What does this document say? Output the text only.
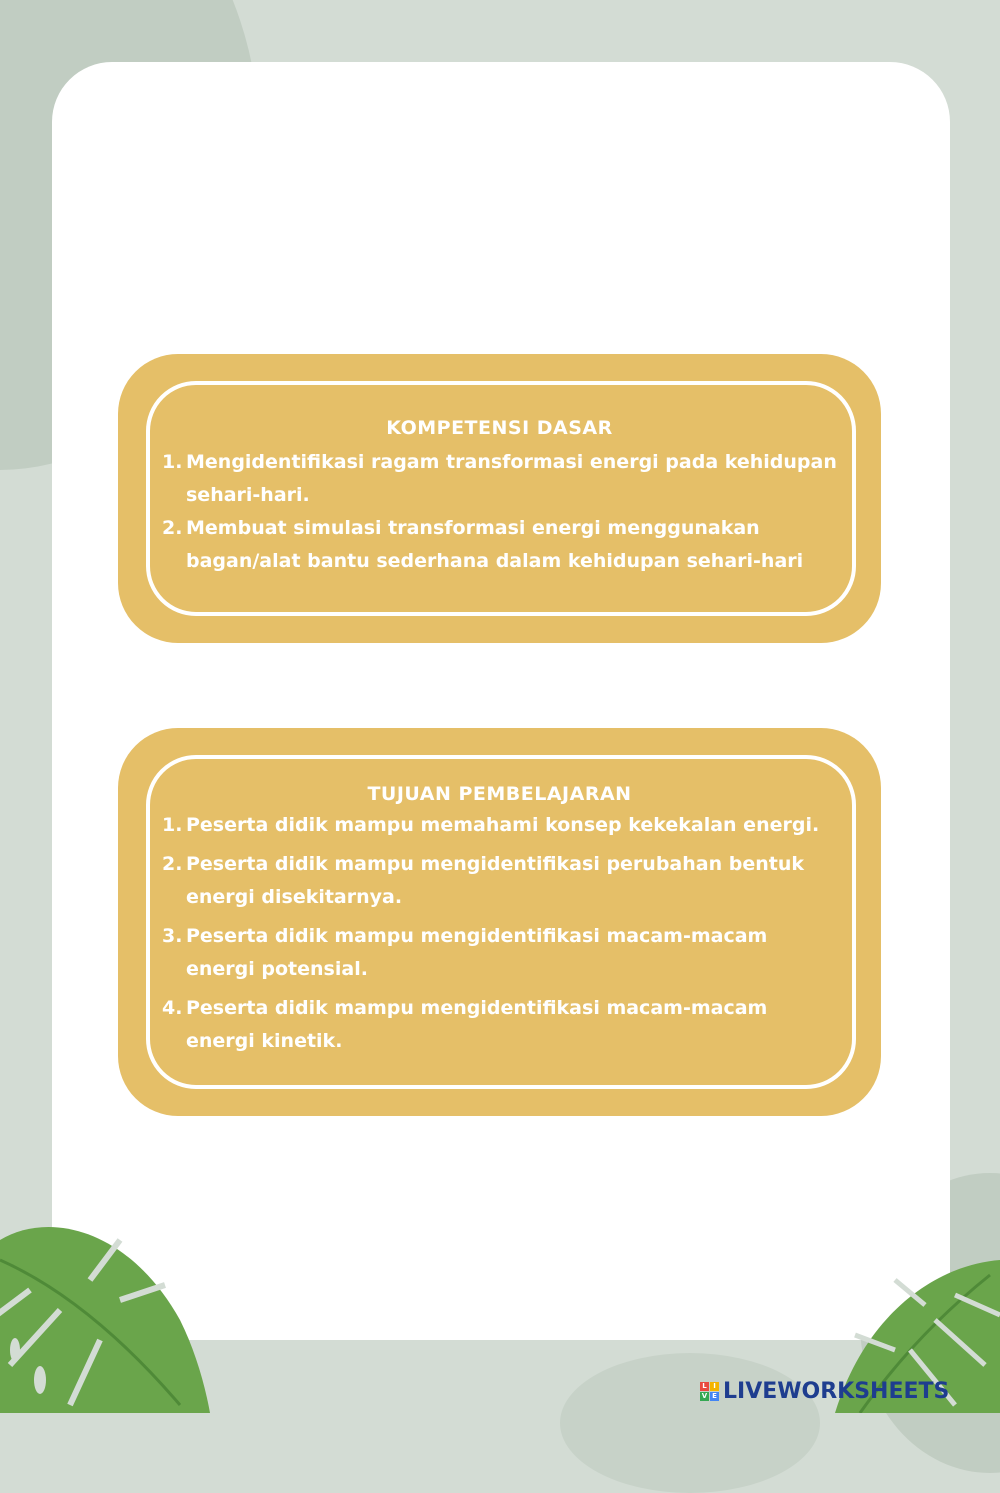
KOMPETENSI DASAR
1. Mengidentifikasi ragam transformasi energi pada kehidupan sehari-hari.
2. Membuat simulasi transformasi energi menggunakan bagan/alat bantu sederhana dalam kehidupan sehari-hari
TUJUAN PEMBELAJARAN
1. Peserta didik mampu memahami konsep kekekalan energi.
2. Peserta didik mampu mengidentifikasi perubahan bentuk energi disekitarnya.
3. Peserta didik mampu mengidentifikasi macam-macam energi potensial.
4. Peserta didik mampu mengidentifikasi macam-macam energi kinetik.
L I
V E LIVEWORKSHEETS
